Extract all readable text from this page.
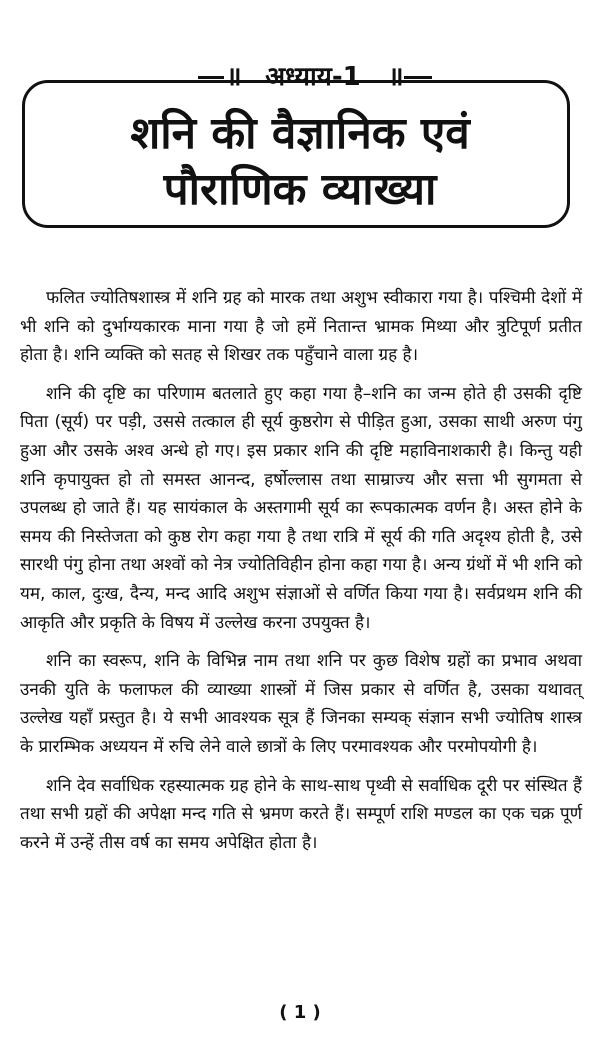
॥ अध्याय-1	॥
शनि की वैज्ञानिक एवं
पौराणिक व्याख्या

फलित ज्योतिषशास्त्र में शनि ग्रह को मारक तथा अशुभ स्वीकारा गया है। पश्चिमी देशों में भी शनि को दुर्भाग्यकारक माना गया है जो हमें नितान्त भ्रामक मिथ्या और त्रुटिपूर्ण प्रतीत होता है। शनि व्यक्ति को सतह से शिखर तक पहुँचाने वाला ग्रह है।

शनि की दृष्टि का परिणाम बतलाते हुए कहा गया है–शनि का जन्म होते ही उसकी दृष्टि पिता (सूर्य) पर पड़ी, उससे तत्काल ही सूर्य कुष्ठरोग से पीड़ित हुआ, उसका साथी अरुण पंगु हुआ और उसके अश्व अन्धे हो गए। इस प्रकार शनि की दृष्टि महाविनाशकारी है। किन्तु यही शनि कृपायुक्त हो तो समस्त आनन्द, हर्षोल्लास तथा साम्राज्य और सत्ता भी सुगमता से उपलब्ध हो जाते हैं। यह सायंकाल के अस्तगामी सूर्य का रूपकात्मक वर्णन है। अस्त होने के समय की निस्तेजता को कुष्ठ रोग कहा गया है तथा रात्रि में सूर्य की गति अदृश्य होती है, उसे सारथी पंगु होना तथा अश्वों को नेत्र ज्योतिविहीन होना कहा गया है। अन्य ग्रंथों में भी शनि को यम, काल, दुःख, दैन्य, मन्द आदि अशुभ संज्ञाओं से वर्णित किया गया है। सर्वप्रथम शनि की आकृति और प्रकृति के विषय में उल्लेख करना उपयुक्त है।

शनि का स्वरूप, शनि के विभिन्न नाम तथा शनि पर कुछ विशेष ग्रहों का प्रभाव अथवा उनकी युति के फलाफल की व्याख्या शास्त्रों में जिस प्रकार से वर्णित है, उसका यथावत् उल्लेख यहाँ प्रस्तुत है। ये सभी आवश्यक सूत्र हैं जिनका सम्यक् संज्ञान सभी ज्योतिष शास्त्र के प्रारम्भिक अध्ययन में रुचि लेने वाले छात्रों के लिए परमावश्यक और परमोपयोगी है।

शनि देव सर्वाधिक रहस्यात्मक ग्रह होने के साथ-साथ पृथ्वी से सर्वाधिक दूरी पर संस्थित हैं तथा सभी ग्रहों की अपेक्षा मन्द गति से भ्रमण करते हैं। सम्पूर्ण राशि मण्डल का एक चक्र पूर्ण करने में उन्हें तीस वर्ष का समय अपेक्षित होता है।

( 1 )
